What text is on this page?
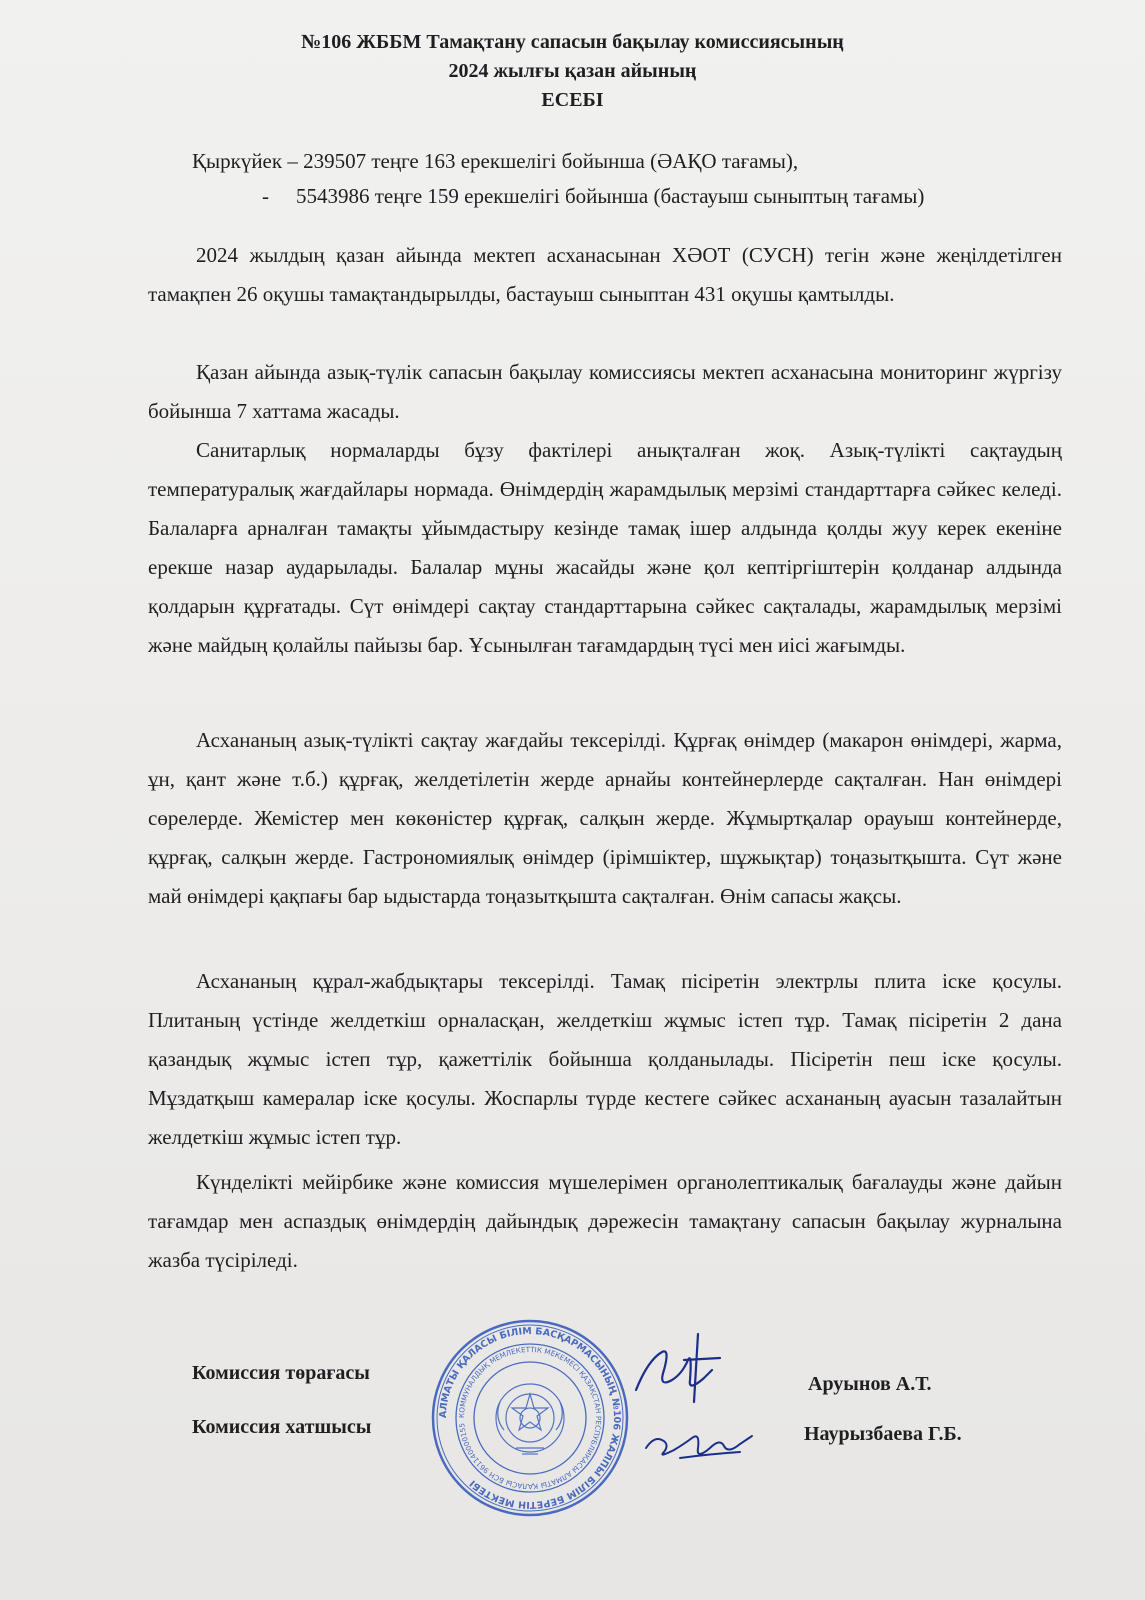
№106 ЖББМ Тамақтану сапасын бақылау комиссиясының
2024 жылғы қазан айының
ЕСЕБІ
Қыркүйек – 239507 теңге 163 ерекшелігі бойынша (ӘАҚО тағамы),
- 5543986 теңге 159 ерекшелігі бойынша (бастауыш сыныптың тағамы)

2024 жылдың қазан айында мектеп асханасынан ХӘОТ (СУСН) тегін және жеңілдетілген тамақпен 26 оқушы тамақтандырылды, бастауыш сыныптан 431 оқушы қамтылды.

Қазан айында азық-түлік сапасын бақылау комиссиясы мектеп асханасына мониторинг жүргізу бойынша 7 хаттама жасады.

Санитарлық нормаларды бұзу фактілері анықталған жоқ. Азық-түлікті сақтаудың температуралық жағдайлары нормада. Өнімдердің жарамдылық мерзімі стандарттарға сәйкес келеді. Балаларға арналған тамақты ұйымдастыру кезінде тамақ ішер алдында қолды жуу керек екеніне ерекше назар аударылады. Балалар мұны жасайды және қол кептіргіштерін қолданар алдында қолдарын құрғатады. Сүт өнімдері сақтау стандарттарына сәйкес сақталады, жарамдылық мерзімі және майдың қолайлы пайызы бар. Ұсынылған тағамдардың түсі мен иісі жағымды.

Асхананың азық-түлікті сақтау жағдайы тексерілді. Құрғақ өнімдер (макарон өнімдері, жарма, ұн, қант және т.б.) құрғақ, желдетілетін жерде арнайы контейнерлерде сақталған. Нан өнімдері сөрелерде. Жемістер мен көкөністер құрғақ, салқын жерде. Жұмыртқалар орауыш контейнерде, құрғақ, салқын жерде. Гастрономиялық өнімдер (ірімшіктер, шұжықтар) тоңазытқышта. Сүт және май өнімдері қақпағы бар ыдыстарда тоңазытқышта сақталған. Өнім сапасы жақсы.

Асхананың құрал-жабдықтары тексерілді. Тамақ пісіретін электрлы плита іске қосулы. Плитаның үстінде желдеткіш орналасқан, желдеткіш жұмыс істеп тұр. Тамақ пісіретін 2 дана қазандық жұмыс істеп тұр, қажеттілік бойынша қолданылады. Пісіретін пеш іске қосулы. Мұздатқыш камералар іске қосулы. Жоспарлы түрде кестеге сәйкес асхананың ауасын тазалайтын желдеткіш жұмыс істеп тұр.

Күнделікті мейірбике және комиссия мүшелерімен органолептикалық бағалауды және дайын тағамдар мен аспаздық өнімдердің дайындық дәрежесін тамақтану сапасын бақылау журналына жазба түсіріледі.

АЛМАТЫ ҚАЛАСЫ БІЛІМ БАСҚАРМАСЫНЫҢ №106 ЖАЛПЫ БІЛІМ БЕРЕТІН МЕКТЕБІ
КОММУНАЛДЫҚ МЕМЛЕКЕТТІК МЕКЕМЕСІ ҚАЗАҚСТАН РЕСПУБЛИКАСЫ АЛМАТЫ ҚАЛАСЫ БСН 961140000155
Комиссия төрағасы	Аруынов А.Т.
Комиссия хатшысы	Наурызбаева Г.Б.
